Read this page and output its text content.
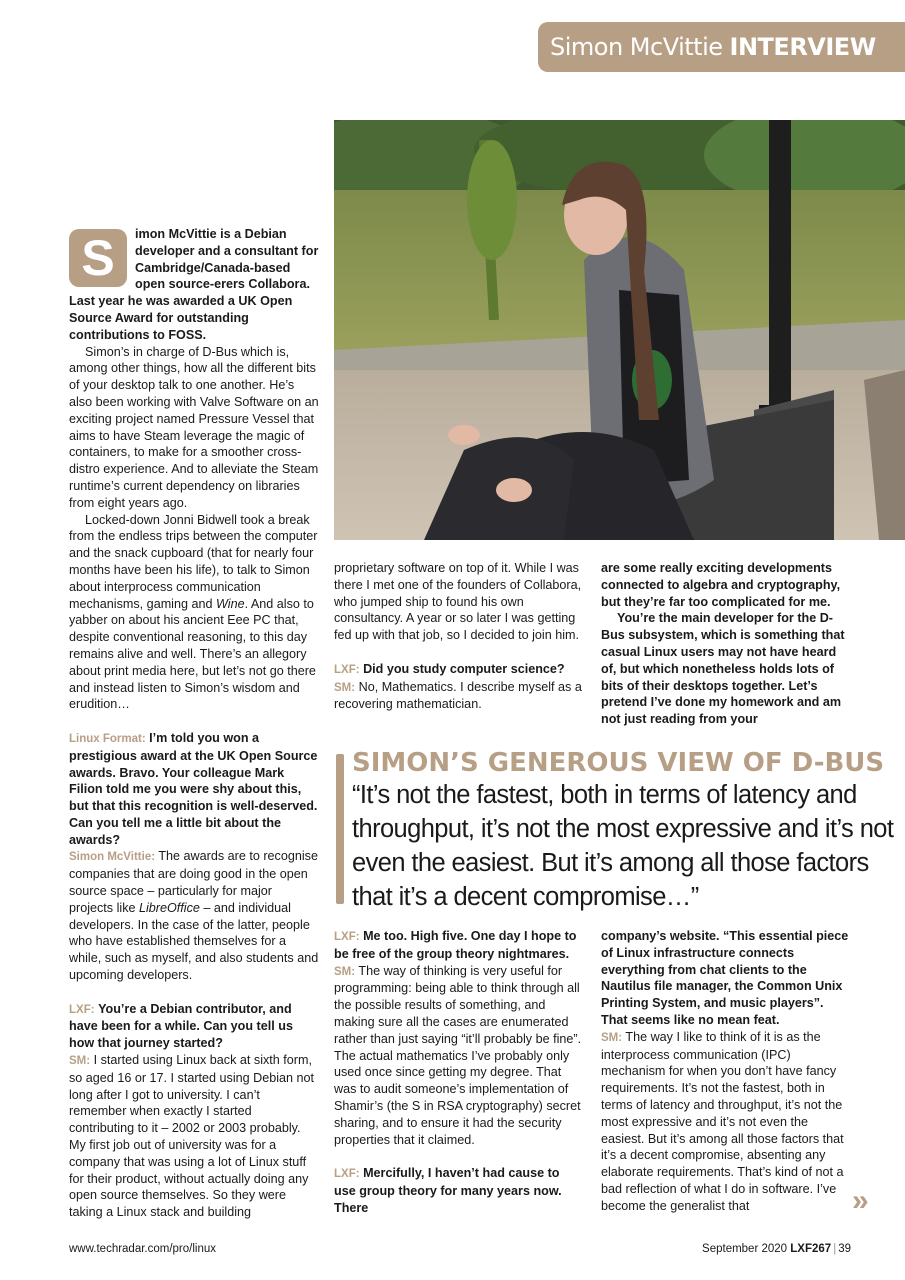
Simon McVittie INTERVIEW

S	imon McVittie is a Debian developer and a consultant for Cambridge/Canada-based open source-erers Collabora. Last year he was awarded a UK Open Source Award for outstanding contributions to FOSS.

Simon’s in charge of D-Bus which is, among other things, how all the different bits of your desktop talk to one another. He’s also been working with Valve Software on an exciting project named Pressure Vessel that aims to have Steam leverage the magic of containers, to make for a smoother cross-distro experience. And to alleviate the Steam runtime’s current dependency on libraries from eight years ago.

Locked-down Jonni Bidwell took a break from the endless trips between the computer and the snack cupboard (that for nearly four months have been his life), to talk to Simon about interprocess communication mechanisms, gaming and Wine. And also to yabber on about his ancient Eee PC that, despite conventional reasoning, to this day remains alive and well. There’s an allegory about print media here, but let’s not go there and instead listen to Simon’s wisdom and erudition…

Linux Format: I’m told you won a prestigious award at the UK Open Source awards. Bravo. Your colleague Mark Filion told me you were shy about this, but that this recognition is well-deserved. Can you tell me a little bit about the awards?

Simon McVittie: The awards are to recognise companies that are doing good in the open source space – particularly for major projects like LibreOffice – and individual developers. In the case of the latter, people who have established themselves for a while, such as myself, and also students and upcoming developers.

LXF: You’re a Debian contributor, and have been for a while. Can you tell us how that journey started?

SM: I started using Linux back at sixth form, so aged 16 or 17. I started using Debian not long after I got to university. I can’t remember when exactly I started contributing to it – 2002 or 2003 probably. My first job out of university was for a company that was using a lot of Linux stuff for their product, without actually doing any open source themselves. So they were taking a Linux stack and building

proprietary software on top of it. While I was there I met one of the founders of Collabora, who jumped ship to found his own consultancy. A year or so later I was getting fed up with that job, so I decided to join him.

LXF: Did you study computer science?

SM: No, Mathematics. I describe myself as a recovering mathematician.

are some really exciting developments connected to algebra and cryptography, but they’re far too complicated for me.

You’re the main developer for the D-Bus subsystem, which is something that casual Linux users may not have heard of, but which nonetheless holds lots of bits of their desktops together. Let’s pretend I’ve done my homework and am not just reading from your

SIMON’S GENEROUS VIEW OF D-BUS
“It’s not the fastest, both in terms of latency and throughput, it’s not the most expressive and it’s not even the easiest. But it’s among all those factors that it’s a decent compromise…”

LXF: Me too. High five. One day I hope to be free of the group theory nightmares.

SM: The way of thinking is very useful for programming: being able to think through all the possible results of something, and making sure all the cases are enumerated rather than just saying “it’ll probably be fine”. The actual mathematics I’ve probably only used once since getting my degree. That was to audit someone’s implementation of Shamir’s (the S in RSA cryptography) secret sharing, and to ensure it had the security properties that it claimed.

LXF: Mercifully, I haven’t had cause to use group theory for many years now. There

company’s website. “This essential piece of Linux infrastructure connects everything from chat clients to the Nautilus file manager, the Common Unix Printing System, and music players”. That seems like no mean feat.

SM: The way I like to think of it is as the interprocess communication (IPC) mechanism for when you don’t have fancy requirements. It’s not the fastest, both in terms of latency and throughput, it’s not the most expressive and it’s not even the easiest. But it’s among all those factors that it’s a decent compromise, absenting any elaborate requirements. That’s kind of not a bad reflection of what I do in software. I’ve become the generalist that	»
www.techradar.com/pro/linux	September 2020 LXF267 | 39
